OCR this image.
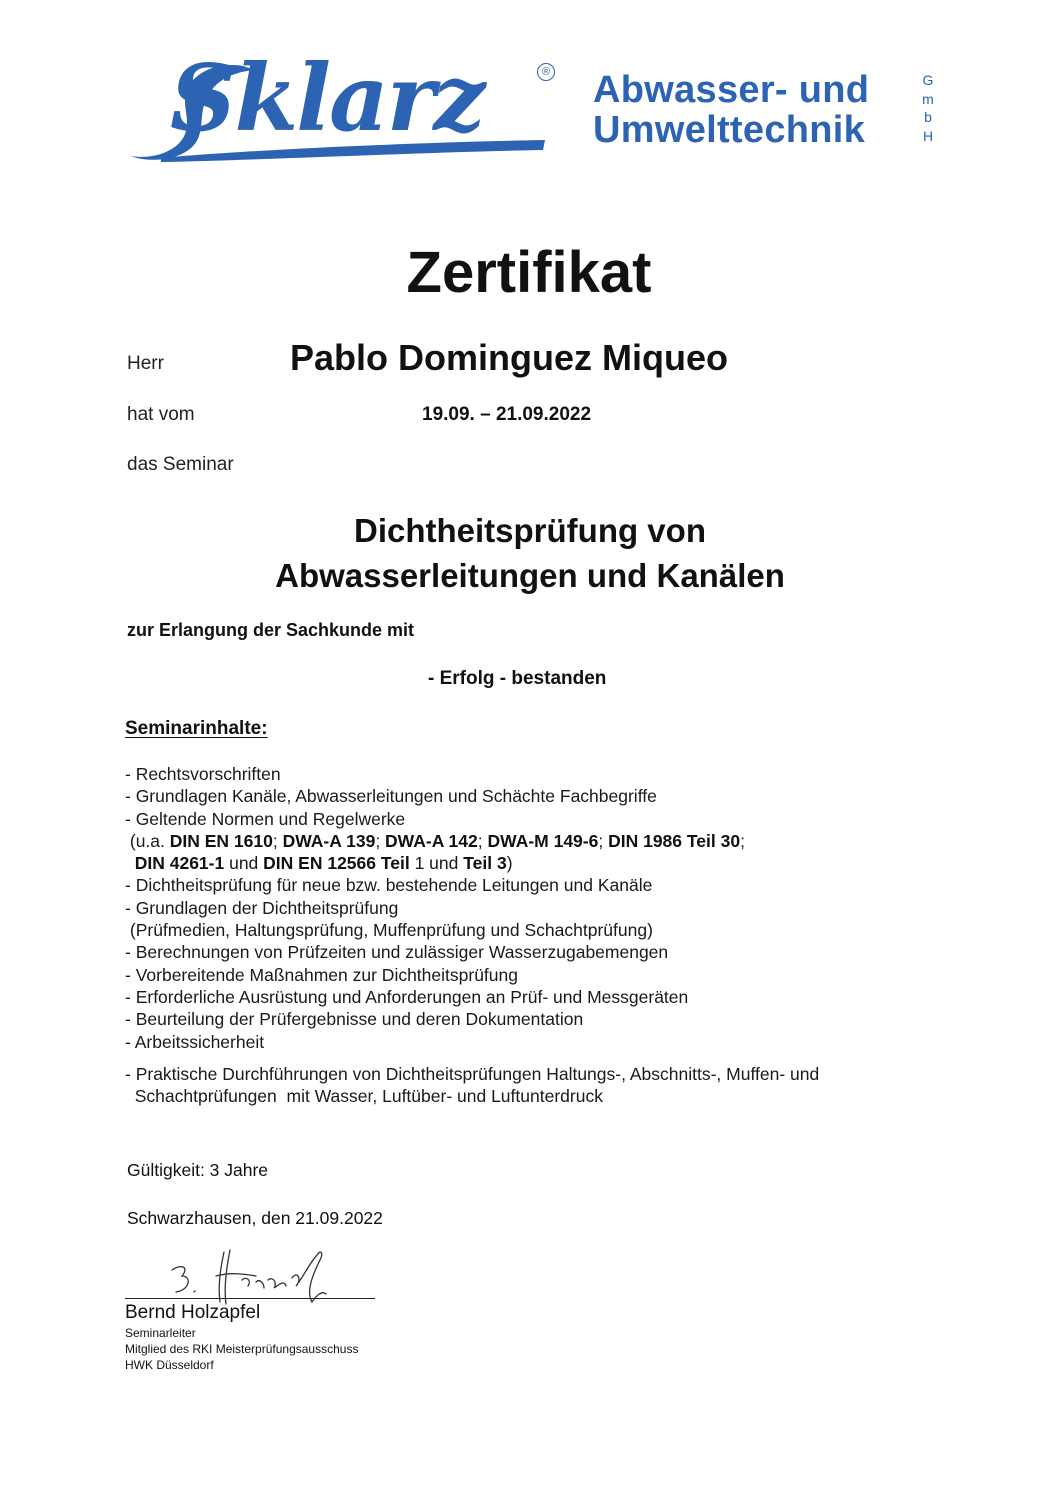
Sklarz	® Abwasser- und
Umwelttechnik
G
m
b
H
Zertifikat
Herr	Pablo Dominguez Miqueo
hat vom	19.09. – 21.09.2022
das Seminar
Dichtheitsprüfung von
Abwasserleitungen und Kanälen
zur Erlangung der Sachkunde mit
- Erfolg - bestanden
Seminarinhalte:
- Rechtsvorschriften
- Grundlagen Kanäle, Abwasserleitungen und Schächte Fachbegriffe
- Geltende Normen und Regelwerke
(u.a. DIN EN 1610; DWA-A 139; DWA-A 142; DWA-M 149-6; DIN 1986 Teil 30;
DIN 4261-1 und DIN EN 12566 Teil 1 und Teil 3)
- Dichtheitsprüfung für neue bzw. bestehende Leitungen und Kanäle
- Grundlagen der Dichtheitsprüfung
(Prüfmedien, Haltungsprüfung, Muffenprüfung und Schachtprüfung)
- Berechnungen von Prüfzeiten und zulässiger Wasserzugabemengen
- Vorbereitende Maßnahmen zur Dichtheitsprüfung
- Erforderliche Ausrüstung und Anforderungen an Prüf- und Messgeräten
- Beurteilung der Prüfergebnisse und deren Dokumentation
- Arbeitssicherheit
- Praktische Durchführungen von Dichtheitsprüfungen Haltungs-, Abschnitts-, Muffen- und
Schachtprüfungen  mit Wasser, Luftüber- und Luftunterdruck
Gültigkeit: 3 Jahre
Schwarzhausen, den 21.09.2022
Bernd Holzapfel
Seminarleiter
Mitglied des RKI Meisterprüfungsausschuss
HWK Düsseldorf
